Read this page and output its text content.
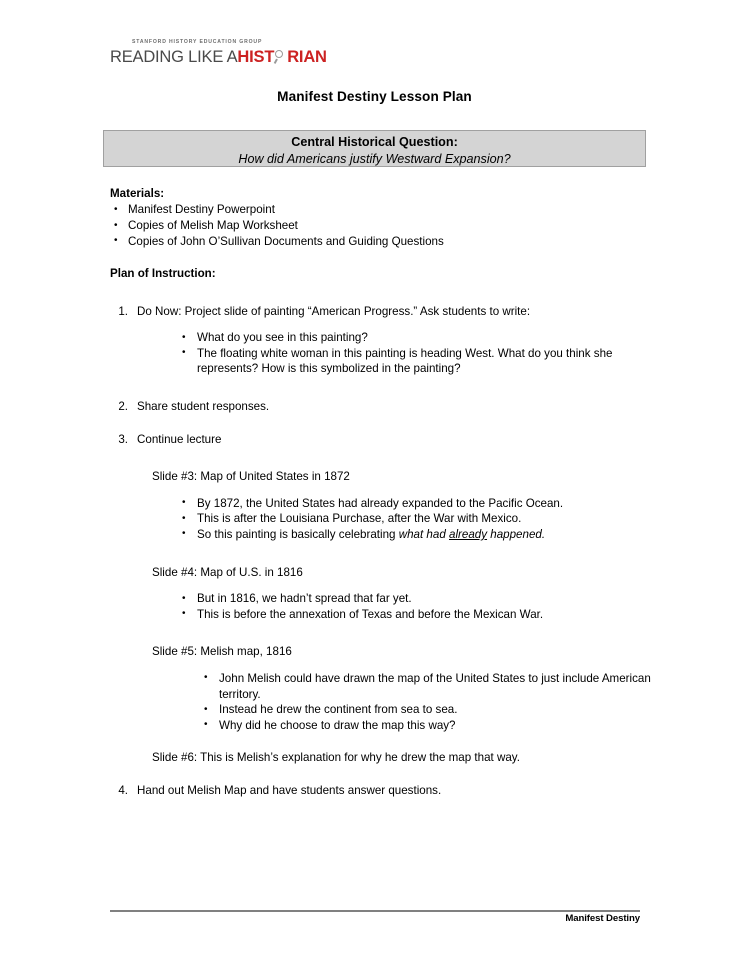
STANFORD HISTORY EDUCATION GROUP
READING LIKE A HIST RIAN
Manifest Destiny Lesson Plan
Central Historical Question:
How did Americans justify Westward Expansion?
Materials:
• Manifest Destiny Powerpoint
• Copies of Melish Map Worksheet
• Copies of John O’Sullivan Documents and Guiding Questions
Plan of Instruction:
1. Do Now: Project slide of painting “American Progress.” Ask students to write:
• What do you see in this painting?
• The floating white woman in this painting is heading West. What do you think she represents? How is this symbolized in the painting?
2. Share student responses.
3. Continue lecture
Slide #3: Map of United States in 1872
• By 1872, the United States had already expanded to the Pacific Ocean.
• This is after the Louisiana Purchase, after the War with Mexico.
• So this painting is basically celebrating what had already happened.
Slide #4: Map of U.S. in 1816
• But in 1816, we hadn’t spread that far yet.
• This is before the annexation of Texas and before the Mexican War.
Slide #5: Melish map, 1816
• John Melish could have drawn the map of the United States to just include American territory.
• Instead he drew the continent from sea to sea.
• Why did he choose to draw the map this way?
Slide #6: This is Melish’s explanation for why he drew the map that way.
4. Hand out Melish Map and have students answer questions.
Manifest Destiny
